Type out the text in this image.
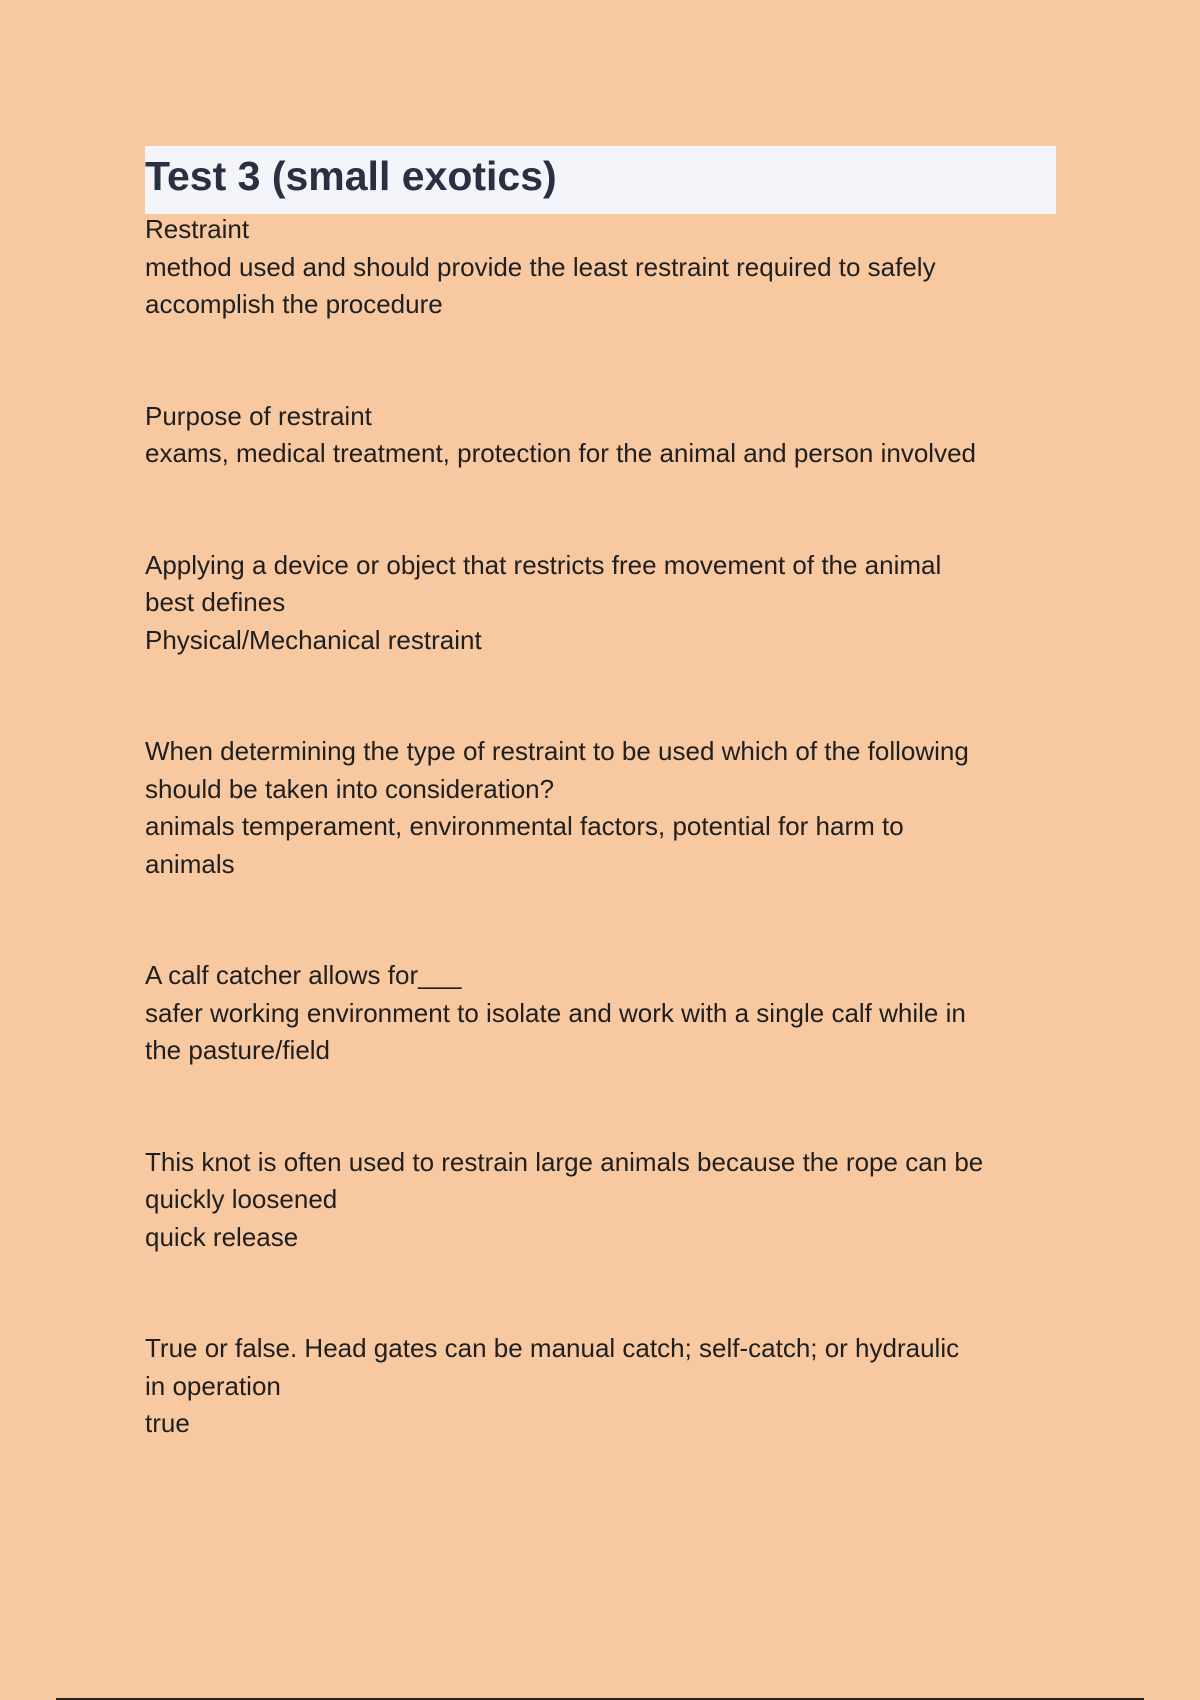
Test 3 (small exotics)
Restraint
method used and should provide the least restraint required to safely
accomplish the procedure
Purpose of restraint
exams, medical treatment, protection for the animal and person involved
Applying a device or object that restricts free movement of the animal
best defines
Physical/Mechanical restraint
When determining the type of restraint to be used which of the following
should be taken into consideration?
animals temperament, environmental factors, potential for harm to
animals
A calf catcher allows for___
safer working environment to isolate and work with a single calf while in
the pasture/field
This knot is often used to restrain large animals because the rope can be
quickly loosened
quick release
True or false. Head gates can be manual catch; self-catch; or hydraulic
in operation
true
